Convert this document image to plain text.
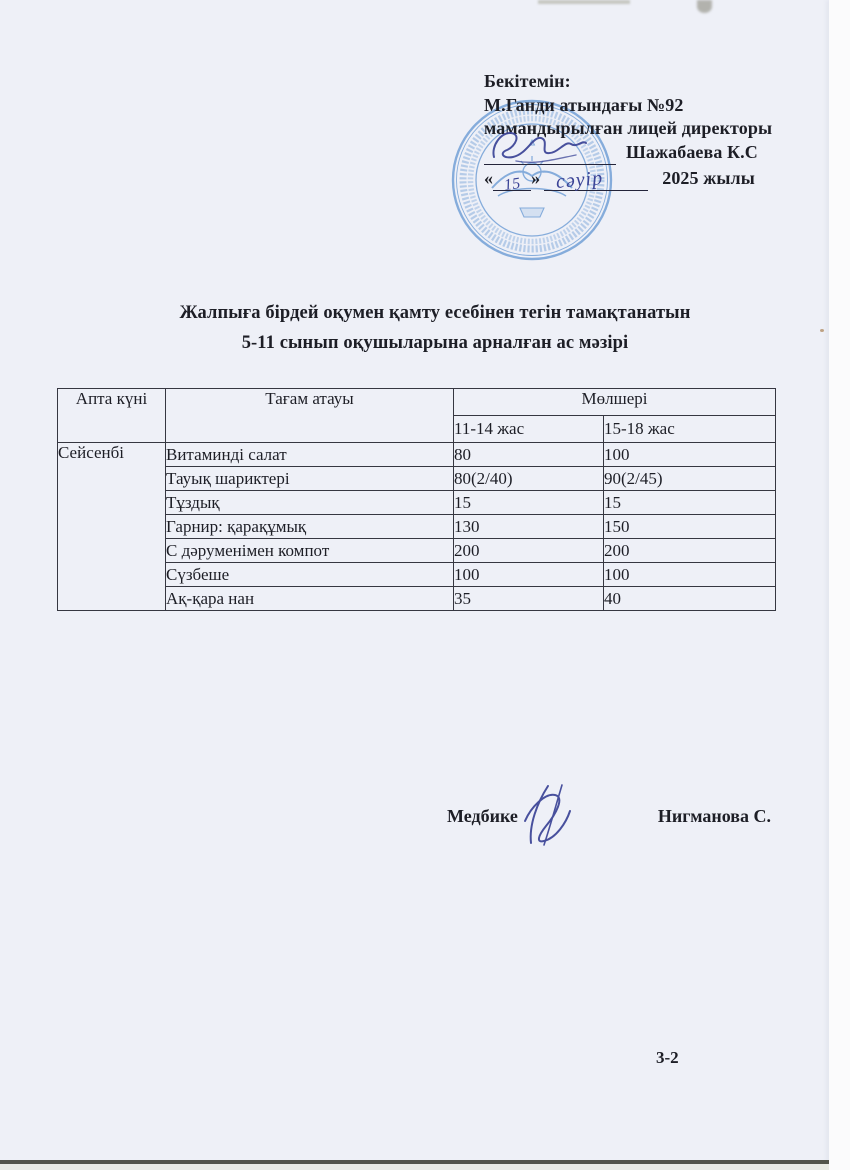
Бекітемін:
М.Ганди атындағы №92
мамандырылған лицей директоры
Шажабаева К.С
« 15 » сәуір	2025 жылы
Жалпыға бірдей оқумен қамту есебінен тегін тамақтанатын
5-11 сынып оқушыларына арналған ас мәзірі
Апта күні	Тағам атауы	Мөлшері	
		11-14 жас	15-18 жас
Сейсенбі	Витаминді салат	80	100
	Тауық шариктері	80(2/40)	90(2/45)
	Тұздық	15	15
	Гарнир: қарақұмық	130	150
	С дәруменімен компот	200	200
	Сүзбеше	100	100
	Ақ-қара нан	35	40
Медбике	Нигманова С.
3-2
